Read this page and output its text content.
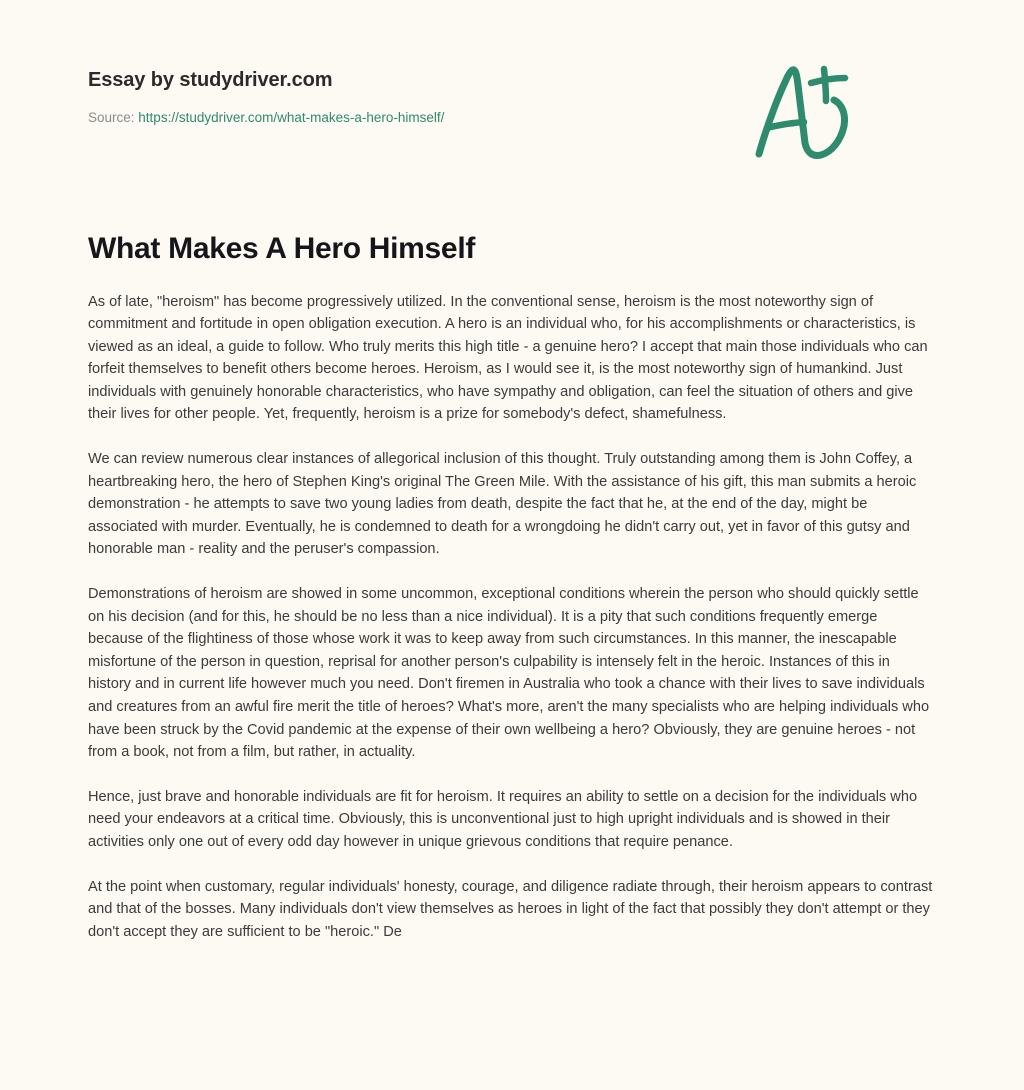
Essay by studydriver.com
Source: https://studydriver.com/what-makes-a-hero-himself/
What Makes A Hero Himself

As of late, "heroism" has become progressively utilized. In the conventional sense, heroism is the most noteworthy sign of commitment and fortitude in open obligation execution. A hero is an individual who, for his accomplishments or characteristics, is viewed as an ideal, a guide to follow. Who truly merits this high title - a genuine hero? I accept that main those individuals who can forfeit themselves to benefit others become heroes. Heroism, as I would see it, is the most noteworthy sign of humankind. Just individuals with genuinely honorable characteristics, who have sympathy and obligation, can feel the situation of others and give their lives for other people. Yet, frequently, heroism is a prize for somebody's defect, shamefulness.

We can review numerous clear instances of allegorical inclusion of this thought. Truly outstanding among them is John Coffey, a heartbreaking hero, the hero of Stephen King's original The Green Mile. With the assistance of his gift, this man submits a heroic demonstration - he attempts to save two young ladies from death, despite the fact that he, at the end of the day, might be associated with murder. Eventually, he is condemned to death for a wrongdoing he didn't carry out, yet in favor of this gutsy and honorable man - reality and the peruser's compassion.

Demonstrations of heroism are showed in some uncommon, exceptional conditions wherein the person who should quickly settle on his decision (and for this, he should be no less than a nice individual). It is a pity that such conditions frequently emerge because of the flightiness of those whose work it was to keep away from such circumstances. In this manner, the inescapable misfortune of the person in question, reprisal for another person's culpability is intensely felt in the heroic. Instances of this in history and in current life however much you need. Don't firemen in Australia who took a chance with their lives to save individuals and creatures from an awful fire merit the title of heroes? What's more, aren't the many specialists who are helping individuals who have been struck by the Covid pandemic at the expense of their own wellbeing a hero? Obviously, they are genuine heroes - not from a book, not from a film, but rather, in actuality.

Hence, just brave and honorable individuals are fit for heroism. It requires an ability to settle on a decision for the individuals who need your endeavors at a critical time. Obviously, this is unconventional just to high upright individuals and is showed in their activities only one out of every odd day however in unique grievous conditions that require penance.

At the point when customary, regular individuals' honesty, courage, and diligence radiate through, their heroism appears to contrast and that of the bosses. Many individuals don't view themselves as heroes in light of the fact that possibly they don't attempt or they don't accept they are sufficient to be "heroic." De
